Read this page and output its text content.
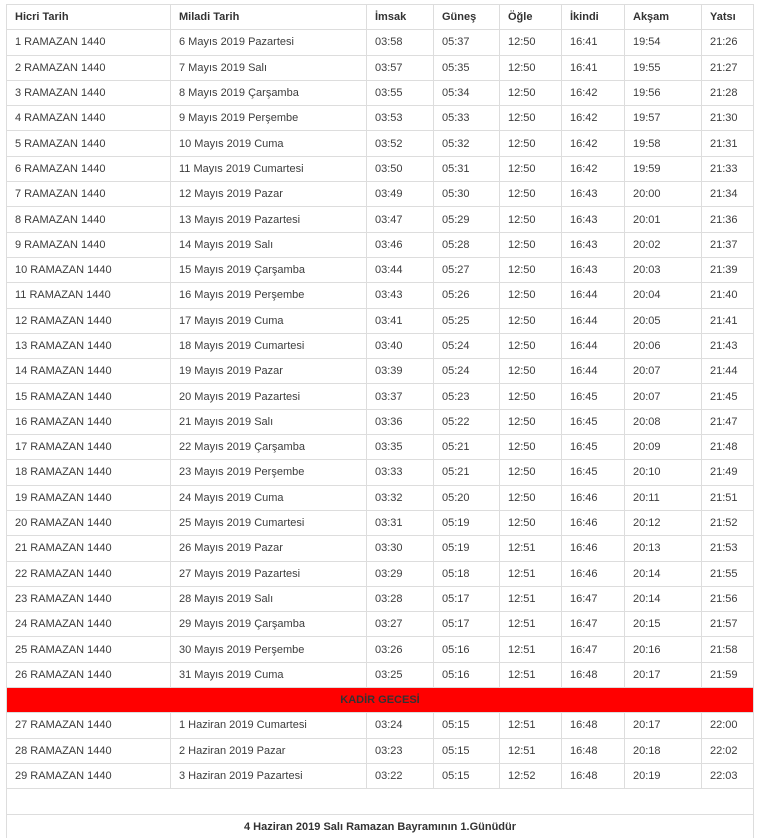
Hicri Tarih	Miladi Tarih	İmsak	Güneş	Öğle	İkindi	Akşam	Yatsı
1 RAMAZAN 1440	6 Mayıs 2019 Pazartesi	03:58	05:37	12:50	16:41	19:54	21:26
2 RAMAZAN 1440	7 Mayıs 2019 Salı	03:57	05:35	12:50	16:41	19:55	21:27
3 RAMAZAN 1440	8 Mayıs 2019 Çarşamba	03:55	05:34	12:50	16:42	19:56	21:28
4 RAMAZAN 1440	9 Mayıs 2019 Perşembe	03:53	05:33	12:50	16:42	19:57	21:30
5 RAMAZAN 1440	10 Mayıs 2019 Cuma	03:52	05:32	12:50	16:42	19:58	21:31
6 RAMAZAN 1440	11 Mayıs 2019 Cumartesi	03:50	05:31	12:50	16:42	19:59	21:33
7 RAMAZAN 1440	12 Mayıs 2019 Pazar	03:49	05:30	12:50	16:43	20:00	21:34
8 RAMAZAN 1440	13 Mayıs 2019 Pazartesi	03:47	05:29	12:50	16:43	20:01	21:36
9 RAMAZAN 1440	14 Mayıs 2019 Salı	03:46	05:28	12:50	16:43	20:02	21:37
10 RAMAZAN 1440	15 Mayıs 2019 Çarşamba	03:44	05:27	12:50	16:43	20:03	21:39
11 RAMAZAN 1440	16 Mayıs 2019 Perşembe	03:43	05:26	12:50	16:44	20:04	21:40
12 RAMAZAN 1440	17 Mayıs 2019 Cuma	03:41	05:25	12:50	16:44	20:05	21:41
13 RAMAZAN 1440	18 Mayıs 2019 Cumartesi	03:40	05:24	12:50	16:44	20:06	21:43
14 RAMAZAN 1440	19 Mayıs 2019 Pazar	03:39	05:24	12:50	16:44	20:07	21:44
15 RAMAZAN 1440	20 Mayıs 2019 Pazartesi	03:37	05:23	12:50	16:45	20:07	21:45
16 RAMAZAN 1440	21 Mayıs 2019 Salı	03:36	05:22	12:50	16:45	20:08	21:47
17 RAMAZAN 1440	22 Mayıs 2019 Çarşamba	03:35	05:21	12:50	16:45	20:09	21:48
18 RAMAZAN 1440	23 Mayıs 2019 Perşembe	03:33	05:21	12:50	16:45	20:10	21:49
19 RAMAZAN 1440	24 Mayıs 2019 Cuma	03:32	05:20	12:50	16:46	20:11	21:51
20 RAMAZAN 1440	25 Mayıs 2019 Cumartesi	03:31	05:19	12:50	16:46	20:12	21:52
21 RAMAZAN 1440	26 Mayıs 2019 Pazar	03:30	05:19	12:51	16:46	20:13	21:53
22 RAMAZAN 1440	27 Mayıs 2019 Pazartesi	03:29	05:18	12:51	16:46	20:14	21:55
23 RAMAZAN 1440	28 Mayıs 2019 Salı	03:28	05:17	12:51	16:47	20:14	21:56
24 RAMAZAN 1440	29 Mayıs 2019 Çarşamba	03:27	05:17	12:51	16:47	20:15	21:57
25 RAMAZAN 1440	30 Mayıs 2019 Perşembe	03:26	05:16	12:51	16:47	20:16	21:58
26 RAMAZAN 1440	31 Mayıs 2019 Cuma	03:25	05:16	12:51	16:48	20:17	21:59
KADİR GECESİ							
27 RAMAZAN 1440	1 Haziran 2019 Cumartesi	03:24	05:15	12:51	16:48	20:17	22:00
28 RAMAZAN 1440	2 Haziran 2019 Pazar	03:23	05:15	12:51	16:48	20:18	22:02
29 RAMAZAN 1440	3 Haziran 2019 Pazartesi	03:22	05:15	12:52	16:48	20:19	22:03

4 Haziran 2019 Salı Ramazan Bayramının 1.Günüdür							
